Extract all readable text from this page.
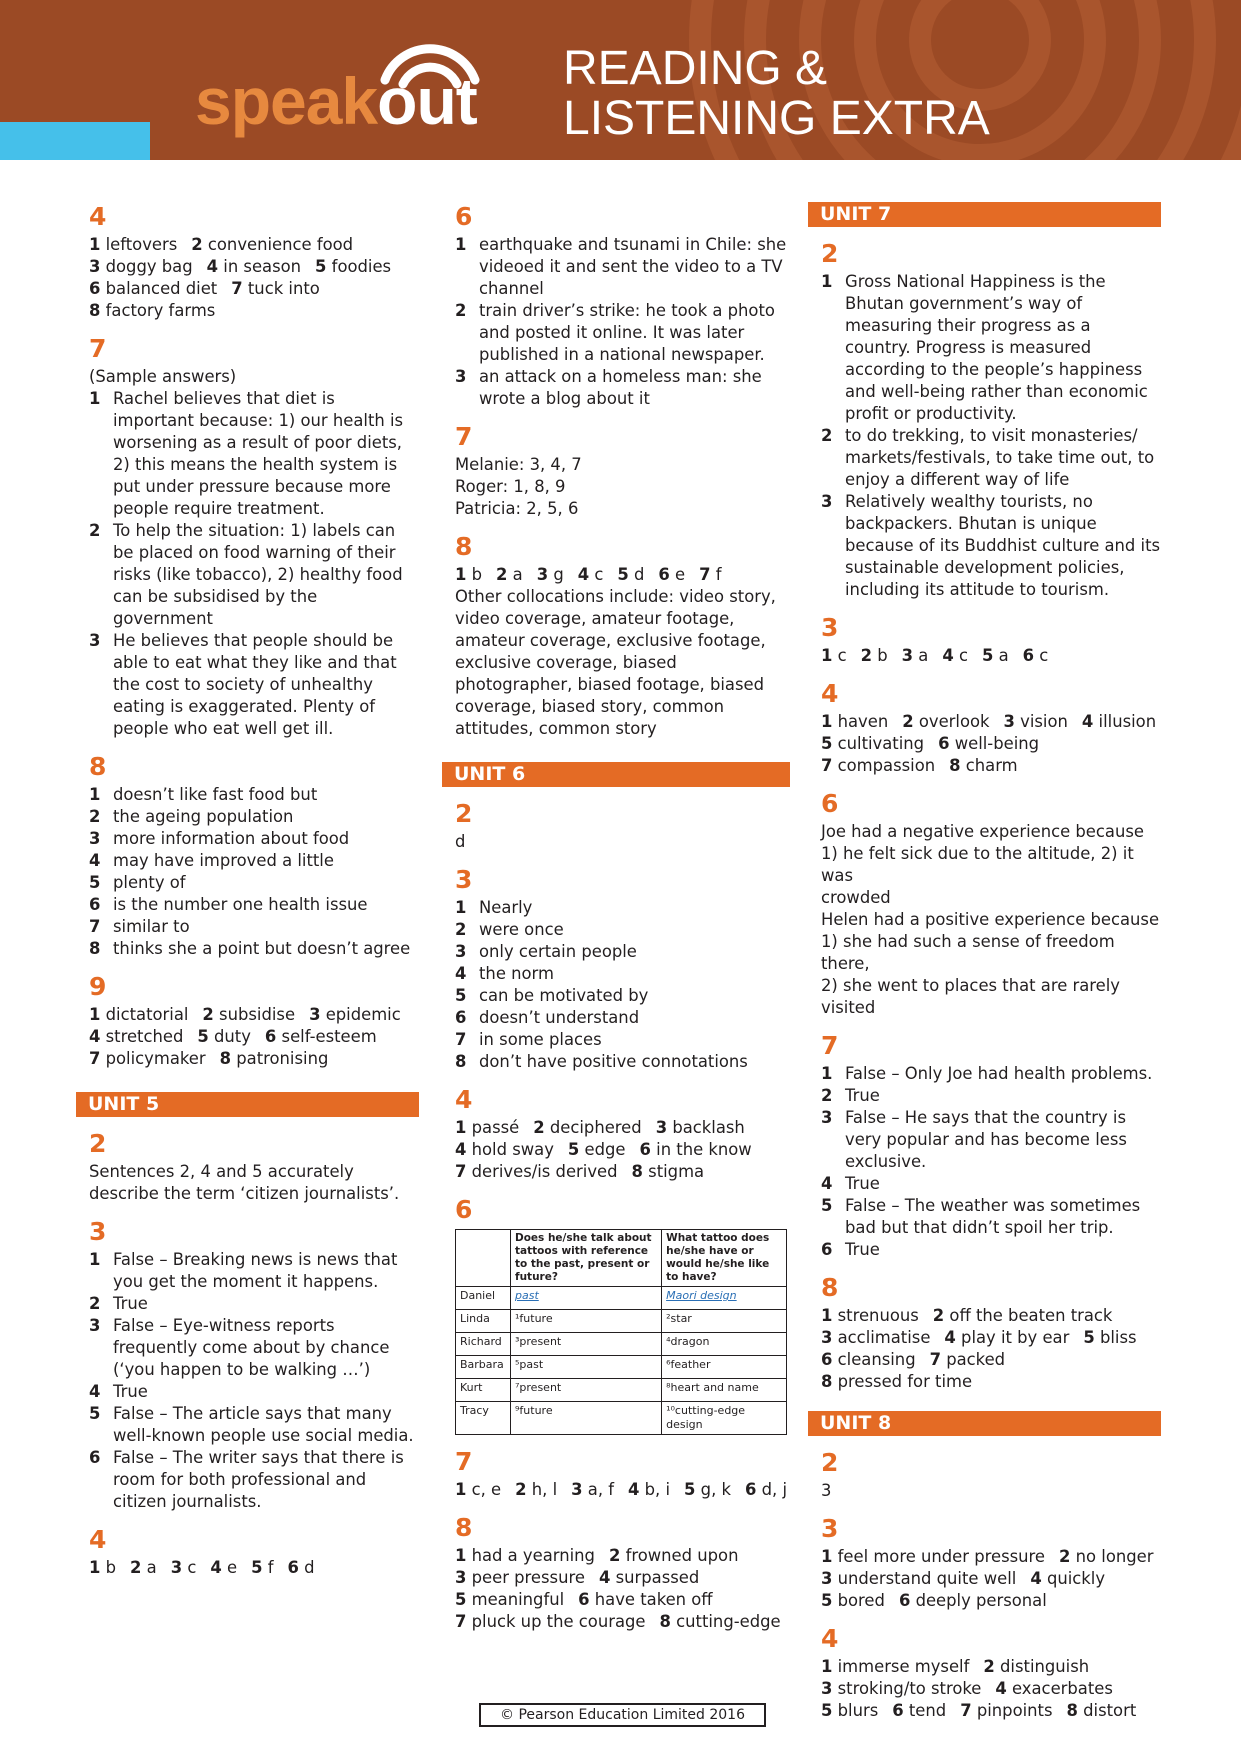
speakout READING &
LISTENING EXTRA
4
1 leftovers 2 convenience food
3 doggy bag 4 in season 5 foodies
6 balanced diet 7 tuck into
8 factory farms
7
(Sample answers)
1 Rachel believes that diet is important because: 1) our health is worsening as a result of poor diets, 2) this means the health system is put under pressure because more people require treatment.
2 To help the situation: 1) labels can be placed on food warning of their risks (like tobacco), 2) healthy food can be subsidised by the government
3 He believes that people should be able to eat what they like and that the cost to society of unhealthy eating is exaggerated. Plenty of people who eat well get ill.
8
1 doesn’t like fast food but
2 the ageing population
3 more information about food
4 may have improved a little
5 plenty of
6 is the number one health issue
7 similar to
8 thinks she a point but doesn’t agree
9
1 dictatorial 2 subsidise 3 epidemic
4 stretched 5 duty 6 self-esteem
7 policymaker 8 patronising
UNIT 5
2
Sentences 2, 4 and 5 accurately describe the term ‘citizen journalists’.
3
1 False – Breaking news is news that you get the moment it happens.
2 True
3 False – Eye-witness reports frequently come about by chance (‘you happen to be walking …’)
4 True
5 False – The article says that many well-known people use social media.
6 False – The writer says that there is room for both professional and citizen journalists.
4
1 b 2 a 3 c 4 e 5 f 6 d
6
1 earthquake and tsunami in Chile: she videoed it and sent the video to a TV channel
2 train driver’s strike: he took a photo and posted it online. It was later published in a national newspaper.
3 an attack on a homeless man: she wrote a blog about it
7
Melanie: 3, 4, 7
Roger: 1, 8, 9
Patricia: 2, 5, 6
8
1 b 2 a 3 g 4 c 5 d 6 e 7 f
Other collocations include: video story, video coverage, amateur footage, amateur coverage, exclusive footage, exclusive coverage, biased photographer, biased footage, biased coverage, biased story, common attitudes, common story
UNIT 6
2
d
3
1 Nearly
2 were once
3 only certain people
4 the norm
5 can be motivated by
6 doesn’t understand
7 in some places
8 don’t have positive connotations
4
1 passé 2 deciphered 3 backlash
4 hold sway 5 edge 6 in the know
7 derives/is derived 8 stigma
6
	Does he/she talk about tattoos with reference to the past, present or future?	What tattoo does he/she have or would he/she like to have?
Daniel	past	Maori design
Linda	¹future	²star
Richard	³present	⁴dragon
Barbara	⁵past	⁶feather
Kurt	⁷present	⁸heart and name
Tracy	⁹future	¹⁰cutting-edge design
7
1 c, e 2 h, l 3 a, f 4 b, i 5 g, k 6 d, j
8
1 had a yearning 2 frowned upon
3 peer pressure 4 surpassed
5 meaningful 6 have taken off
7 pluck up the courage 8 cutting-edge
UNIT 7
2
1 Gross National Happiness is the Bhutan government’s way of measuring their progress as a country. Progress is measured according to the people’s happiness and well-being rather than economic profit or productivity.
2 to do trekking, to visit monasteries/ markets/festivals, to take time out, to enjoy a different way of life
3 Relatively wealthy tourists, no backpackers. Bhutan is unique because of its Buddhist culture and its sustainable development policies, including its attitude to tourism.
3
1 c 2 b 3 a 4 c 5 a 6 c
4
1 haven 2 overlook 3 vision 4 illusion
5 cultivating 6 well-being
7 compassion 8 charm
6
Joe had a negative experience because
1) he felt sick due to the altitude, 2) it was
crowded
Helen had a positive experience because
1) she had such a sense of freedom there,
2) she went to places that are rarely visited
7
1 False – Only Joe had health problems.
2 True
3 False – He says that the country is very popular and has become less exclusive.
4 True
5 False – The weather was sometimes bad but that didn’t spoil her trip.
6 True
8
1 strenuous 2 off the beaten track
3 acclimatise 4 play it by ear 5 bliss
6 cleansing 7 packed
8 pressed for time
UNIT 8
2
3
3
1 feel more under pressure 2 no longer
3 understand quite well 4 quickly
5 bored 6 deeply personal
4
1 immerse myself 2 distinguish
3 stroking/to stroke 4 exacerbates
5 blurs 6 tend 7 pinpoints 8 distort
© Pearson Education Limited 2016
